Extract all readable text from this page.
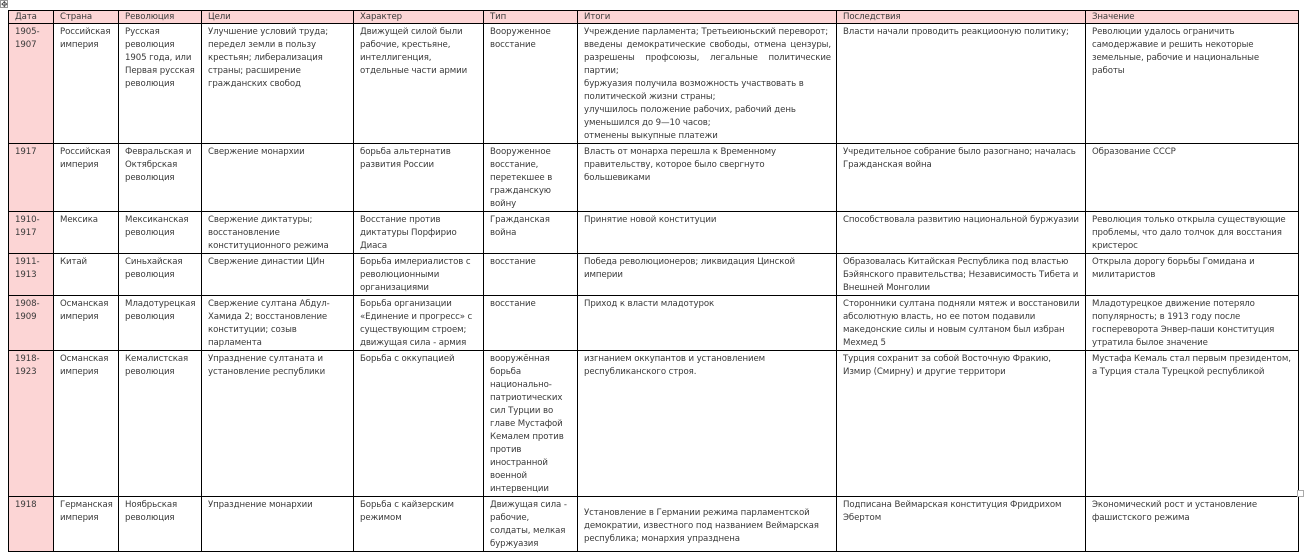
✥
Дата	Страна	Революция	Цели	Характер	Тип	Итоги	Последствия	Значение
1905-1907	Российская империя	Русская революция 1905 года, или Первая русская революция	Улучшение условий труда; передел земли в пользу крестьян; либерализация страны; расширение гражданских свобод	Движущей силой были рабочие, крестьяне, интеллигенция, отдельные части армии	Вооруженное восстание	Учреждение парламента; Третьеиюньский переворот;
введены демократические свободы, отмена цензуры, разрешены профсоюзы, легальные политические партии;
буржуазия получила возможность участвовать в политической жизни страны;
улучшилось положение рабочих, рабочий день уменьшился до 9—10 часов;
отменены выкупные платежи	Власти начали проводить реакциооную политику;	Революции удалось ограничить самодержавие и решить некоторые земельные, рабочие и национальные работы
1917	Российская империя	Февральская и Октябрская революция	Свержение монархии	борьба альтернатив развития России	Вооруженное восстание, перетекшее в гражданскую войну	Власть от монарха перешла к Временному правительству, которое было свергнуто большевиками	Учредительное собрание было разогнано; началась Гражданская война	Образование СССР
1910-1917	Мексика	Мексиканская революция	Свержение диктатуры; восстановление конституционного режима	Восстание против диктатуры Порфирио Диаса	Гражданская война	Принятие новой конституции	Способствовала развитию национальной буржуазии	Революция только открыла существующие проблемы, что дало толчок для восстания кристерос
1911-1913	Китай	Синьхайская революция	Свержение династии ЦИн	Борьба имлериалистов с революционными организациями	восстание	Победа революционеров; ликвидация Цинской империи	Образовалась Китайская Республика под властью Бэйянского правительства; Независимость Тибета и Внешней Монголии	Открыла дорогу борьбы Гомидана и милитаристов
1908-1909	Османская империя	Младотурецкая революция	Свержение султана Абдул-Хамида 2; восстановление конституции; созыв парламента	Борьба организации «Единение и прогресс» с существующим строем; движущая сила - армия	восстание	Приход к власти младотурок	Сторонники султана подняли мятеж и восстановили абсолютную власть, но ее потом подавили македонские силы и новым султаном был избран Мехмед 5	Младотурецкое движение потеряло популярность; в 1913 году после госпереворота Энвер-паши конституция утратила былое значение
1918-1923	Османская империя	Кемалистская революция	Упразднение султаната и установление республики	Борьба с оккупацией	вооружённая борьба национально-патриотических сил Турции во главе Мустафой Кемалем против против иностранной военной интервенции	изгнанием оккупантов и установлением республиканского строя.	Турция сохранит за собой Восточную Фракию, Измир (Смирну) и другие территори	Мустафа Кемаль стал первым президентом, а Турция стала Турецкой республикой
1918	Германская империя	Ноябрьская революция	Упразднение монархии	Борьба с кайзерским режимом	Движущая сила - рабочие, солдаты, мелкая буржуазия	Установление в Германии режима парламентской демократии, известного под названием Веймарская республика; монархия упразднена	Подписана Веймарская конституция Фридрихом Эбертом	Экономический рост и установление фашистского режима
